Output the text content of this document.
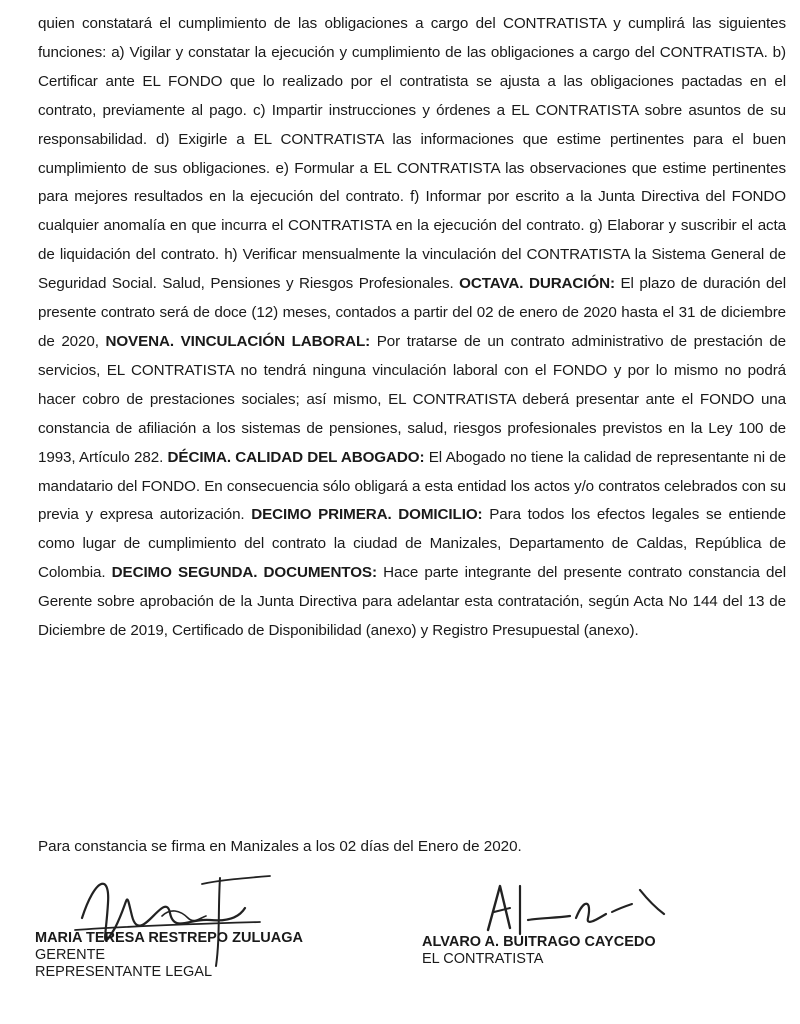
quien constatará el cumplimiento de las obligaciones a cargo del CONTRATISTA y cumplirá las siguientes funciones: a) Vigilar y constatar la ejecución y cumplimiento de las obligaciones a cargo del CONTRATISTA. b) Certificar ante EL FONDO que lo realizado por el contratista se ajusta a las obligaciones pactadas en el contrato, previamente al pago. c) Impartir instrucciones y órdenes a EL CONTRATISTA sobre asuntos de su responsabilidad. d) Exigirle a EL CONTRATISTA las informaciones que estime pertinentes para el buen cumplimiento de sus obligaciones. e) Formular a EL CONTRATISTA las observaciones que estime pertinentes para mejores resultados en la ejecución del contrato. f) Informar por escrito a la Junta Directiva del FONDO cualquier anomalía en que incurra el CONTRATISTA en la ejecución del contrato. g) Elaborar y suscribir el acta de liquidación del contrato. h) Verificar mensualmente la vinculación del CONTRATISTA la Sistema General de Seguridad Social. Salud, Pensiones y Riesgos Profesionales. OCTAVA. DURACIÓN: El plazo de duración del presente contrato será de doce (12) meses, contados a partir del 02 de enero de 2020 hasta el 31 de diciembre de 2020, NOVENA. VINCULACIÓN LABORAL: Por tratarse de un contrato administrativo de prestación de servicios, EL CONTRATISTA no tendrá ninguna vinculación laboral con el FONDO y por lo mismo no podrá hacer cobro de prestaciones sociales; así mismo, EL CONTRATISTA deberá presentar ante el FONDO una constancia de afiliación a los sistemas de pensiones, salud, riesgos profesionales previstos en la Ley 100 de 1993, Artículo 282. DÉCIMA. CALIDAD DEL ABOGADO: El Abogado no tiene la calidad de representante ni de mandatario del FONDO. En consecuencia sólo obligará a esta entidad los actos y/o contratos celebrados con su previa y expresa autorización. DECIMO PRIMERA. DOMICILIO: Para todos los efectos legales se entiende como lugar de cumplimiento del contrato la ciudad de Manizales, Departamento de Caldas, República de Colombia. DECIMO SEGUNDA. DOCUMENTOS: Hace parte integrante del presente contrato constancia del Gerente sobre aprobación de la Junta Directiva para adelantar esta contratación, según Acta No 144 del 13 de Diciembre de 2019, Certificado de Disponibilidad (anexo) y Registro Presupuestal (anexo).
Para constancia se firma en Manizales a los 02 días del Enero de 2020.
MARIA TERESA RESTREPO ZULUAGA
GERENTE
REPRESENTANTE LEGAL
ALVARO A. BUITRAGO CAYCEDO
EL CONTRATISTA
